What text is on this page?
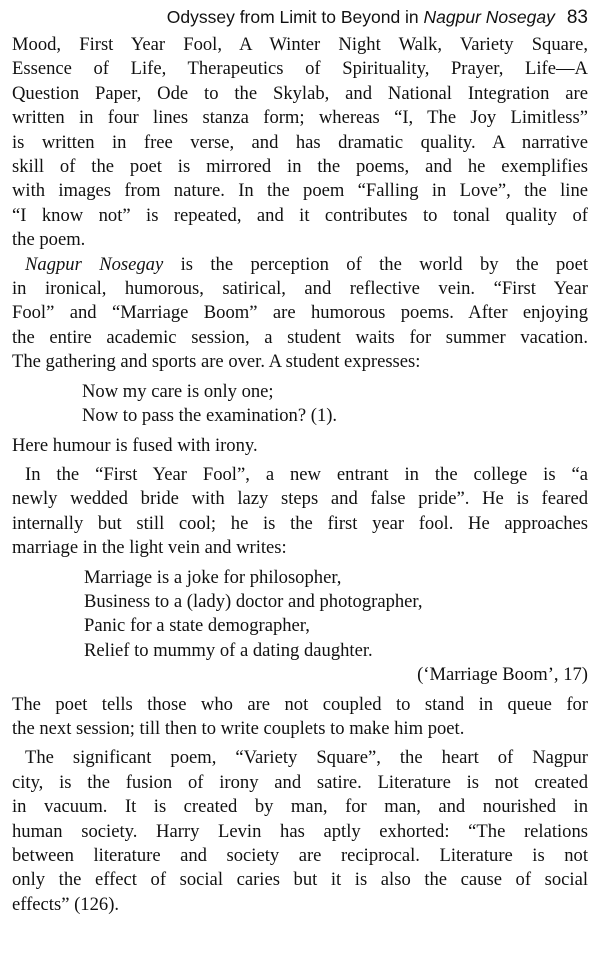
Odyssey from Limit to Beyond in Nagpur Nosegay 83

Mood, First Year Fool, A Winter Night Walk, Variety Square,
Essence of Life, Therapeutics of Spirituality, Prayer, Life—A
Question Paper, Ode to the Skylab, and National Integration are
written in four lines stanza form; whereas “I, The Joy Limitless”
is written in free verse, and has dramatic quality. A narrative
skill of the poet is mirrored in the poems, and he exemplifies
with images from nature. In the poem “Falling in Love”, the line
“I know not” is repeated, and it contributes to tonal quality of
the poem.

Nagpur Nosegay is the perception of the world by the poet
in ironical, humorous, satirical, and reflective vein. “First Year
Fool” and “Marriage Boom” are humorous poems. After enjoying
the entire academic session, a student waits for summer vacation.
The gathering and sports are over. A student expresses:

Now my care is only one;
Now to pass the examination? (1).

Here humour is fused with irony.

In the “First Year Fool”, a new entrant in the college is “a
newly wedded bride with lazy steps and false pride”. He is feared
internally but still cool; he is the first year fool. He approaches
marriage in the light vein and writes:

Marriage is a joke for philosopher,
Business to a (lady) doctor and photographer,
Panic for a state demographer,
Relief to mummy of a dating daughter.
(‘Marriage Boom’, 17)

The poet tells those who are not coupled to stand in queue for
the next session; till then to write couplets to make him poet.

The significant poem, “Variety Square”, the heart of Nagpur
city, is the fusion of irony and satire. Literature is not created
in vacuum. It is created by man, for man, and nourished in
human society. Harry Levin has aptly exhorted: “The relations
between literature and society are reciprocal. Literature is not
only the effect of social caries but it is also the cause of social
effects” (126).
